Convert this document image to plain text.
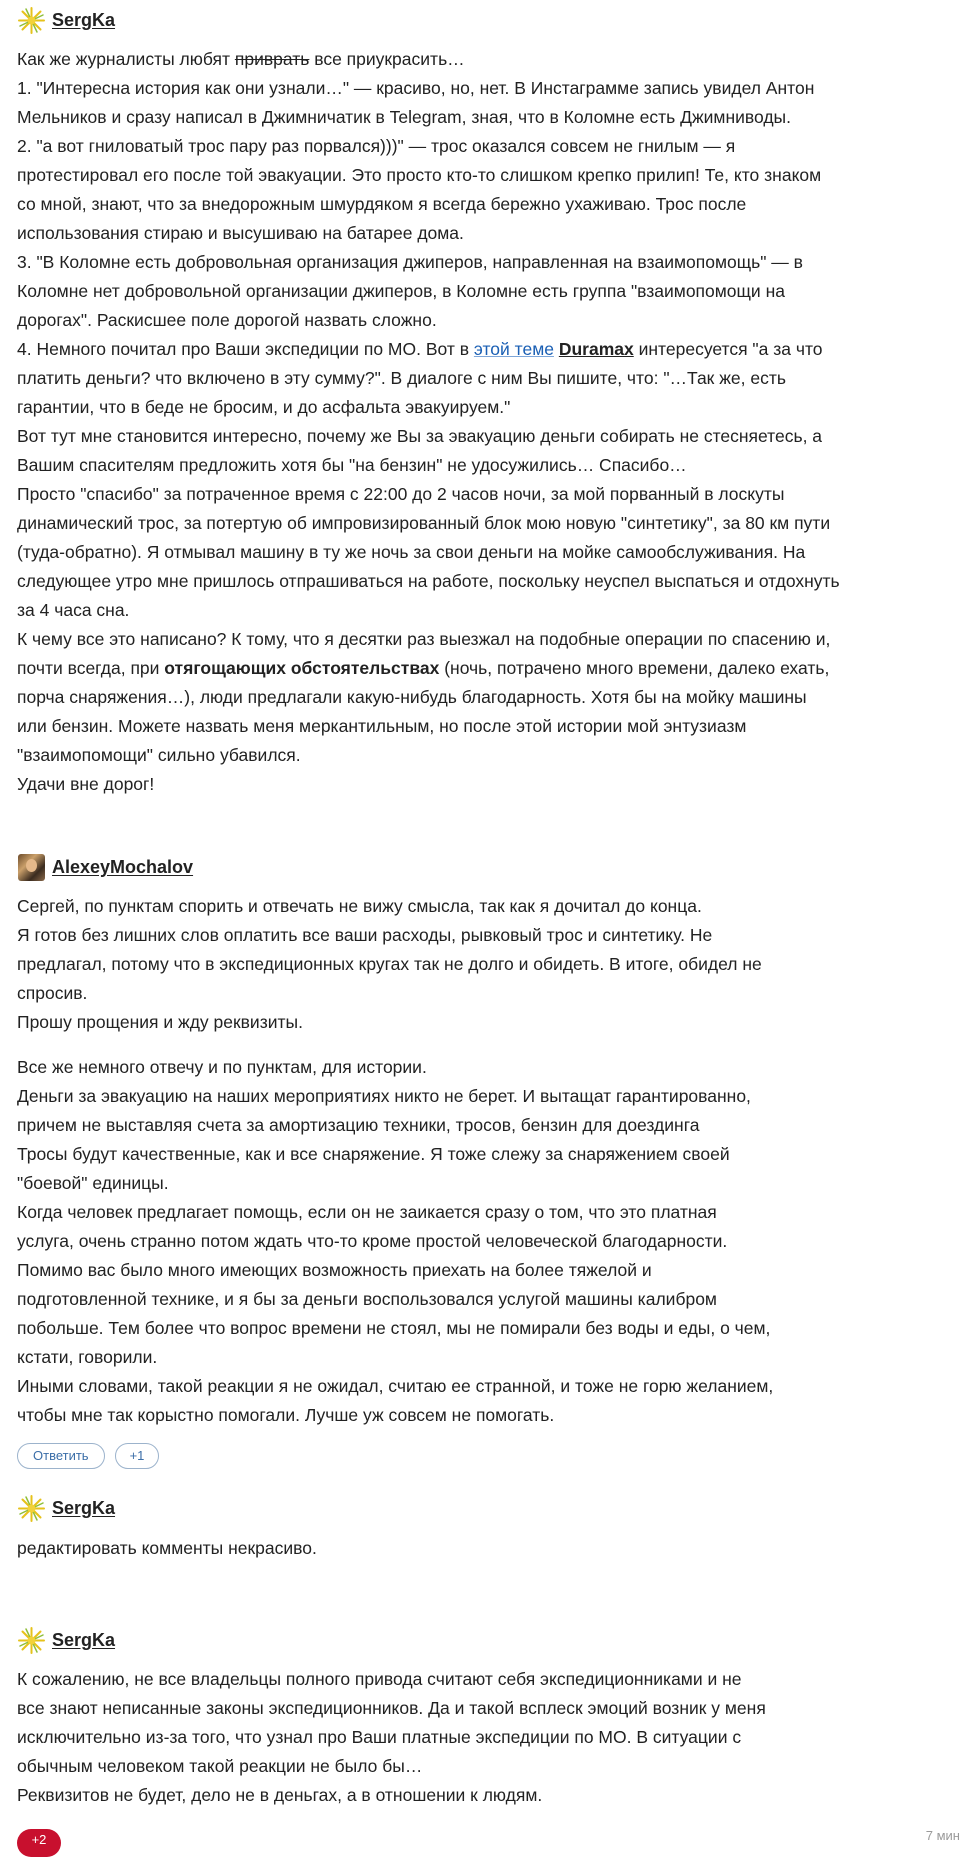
SergKa
Как же журналисты любят приврать все приукрасить…
1. "Интересна история как они узнали…" — красиво, но, нет. В Инстаграмме запись увидел Антон
Мельников и сразу написал в Джимничатик в Telegram, зная, что в Коломне есть Джимниводы.
2. "а вот гниловатый трос пару раз порвался)))" — трос оказался совсем не гнилым — я
протестировал его после той эвакуации. Это просто кто-то слишком крепко прилип! Те, кто знаком
со мной, знают, что за внедорожным шмурдяком я всегда бережно ухаживаю. Трос после
использования стираю и высушиваю на батарее дома.
3. "В Коломне есть добровольная организация джиперов, направленная на взаимопомощь" — в
Коломне нет добровольной организации джиперов, в Коломне есть группа "взаимопомощи на
дорогах". Раскисшее поле дорогой назвать сложно.
4. Немного почитал про Ваши экспедиции по МО. Вот в этой теме Duramax интересуется "а за что
платить деньги? что включено в эту сумму?". В диалоге с ним Вы пишите, что: "…Так же, есть
гарантии, что в беде не бросим, и до асфальта эвакуируем."
Вот тут мне становится интересно, почему же Вы за эвакуацию деньги собирать не стесняетесь, а
Вашим спасителям предложить хотя бы "на бензин" не удосужились… Спасибо…
Просто "спасибо" за потраченное время с 22:00 до 2 часов ночи, за мой порванный в лоскуты
динамический трос, за потертую об импровизированный блок мою новую "синтетику", за 80 км пути
(туда-обратно). Я отмывал машину в ту же ночь за свои деньги на мойке самообслуживания. На
следующее утро мне пришлось отпрашиваться на работе, поскольку неуспел выспаться и отдохнуть
за 4 часа сна.
К чему все это написано? К тому, что я десятки раз выезжал на подобные операции по спасению и,
почти всегда, при отягощающих обстоятельствах (ночь, потрачено много времени, далеко ехать,
порча снаряжения…), люди предлагали какую-нибудь благодарность. Хотя бы на мойку машины
или бензин. Можете назвать меня меркантильным, но после этой истории мой энтузиазм
"взаимопомощи" сильно убавился.
Удачи вне дорог!
AlexeyMochalov
Сергей, по пунктам спорить и отвечать не вижу смысла, так как я дочитал до конца.
Я готов без лишних слов оплатить все ваши расходы, рывковый трос и синтетику. Не
предлагал, потому что в экспедиционных кругах так не долго и обидеть. В итоге, обидел не
спросив.
Прошу прощения и жду реквизиты.
Все же немного отвечу и по пунктам, для истории.
Деньги за эвакуацию на наших мероприятиях никто не берет. И вытащат гарантированно,
причем не выставляя счета за амортизацию техники, тросов, бензин для доездинга
Тросы будут качественные, как и все снаряжение. Я тоже слежу за снаряжением своей
"боевой" единицы.
Когда человек предлагает помощь, если он не заикается сразу о том, что это платная
услуга, очень странно потом ждать что-то кроме простой человеческой благодарности.
Помимо вас было много имеющих возможность приехать на более тяжелой и
подготовленной технике, и я бы за деньги воспользовался услугой машины калибром
побольше. Тем более что вопрос времени не стоял, мы не помирали без воды и еды, о чем,
кстати, говорили.
Иными словами, такой реакции я не ожидал, считаю ее странной, и тоже не горю желанием,
чтобы мне так корыстно помогали. Лучше уж совсем не помогать.
Ответить	+1
SergKa
редактировать комменты некрасиво.
SergKa
К сожалению, не все владельцы полного привода считают себя экспедиционниками и не
все знают неписанные законы экспедиционников. Да и такой всплеск эмоций возник у меня
исключительно из-за того, что узнал про Ваши платные экспедиции по МО. В ситуации с
обычным человеком такой реакции не было бы…
Реквизитов не будет, дело не в деньгах, а в отношении к людям.
+2	7 мин
